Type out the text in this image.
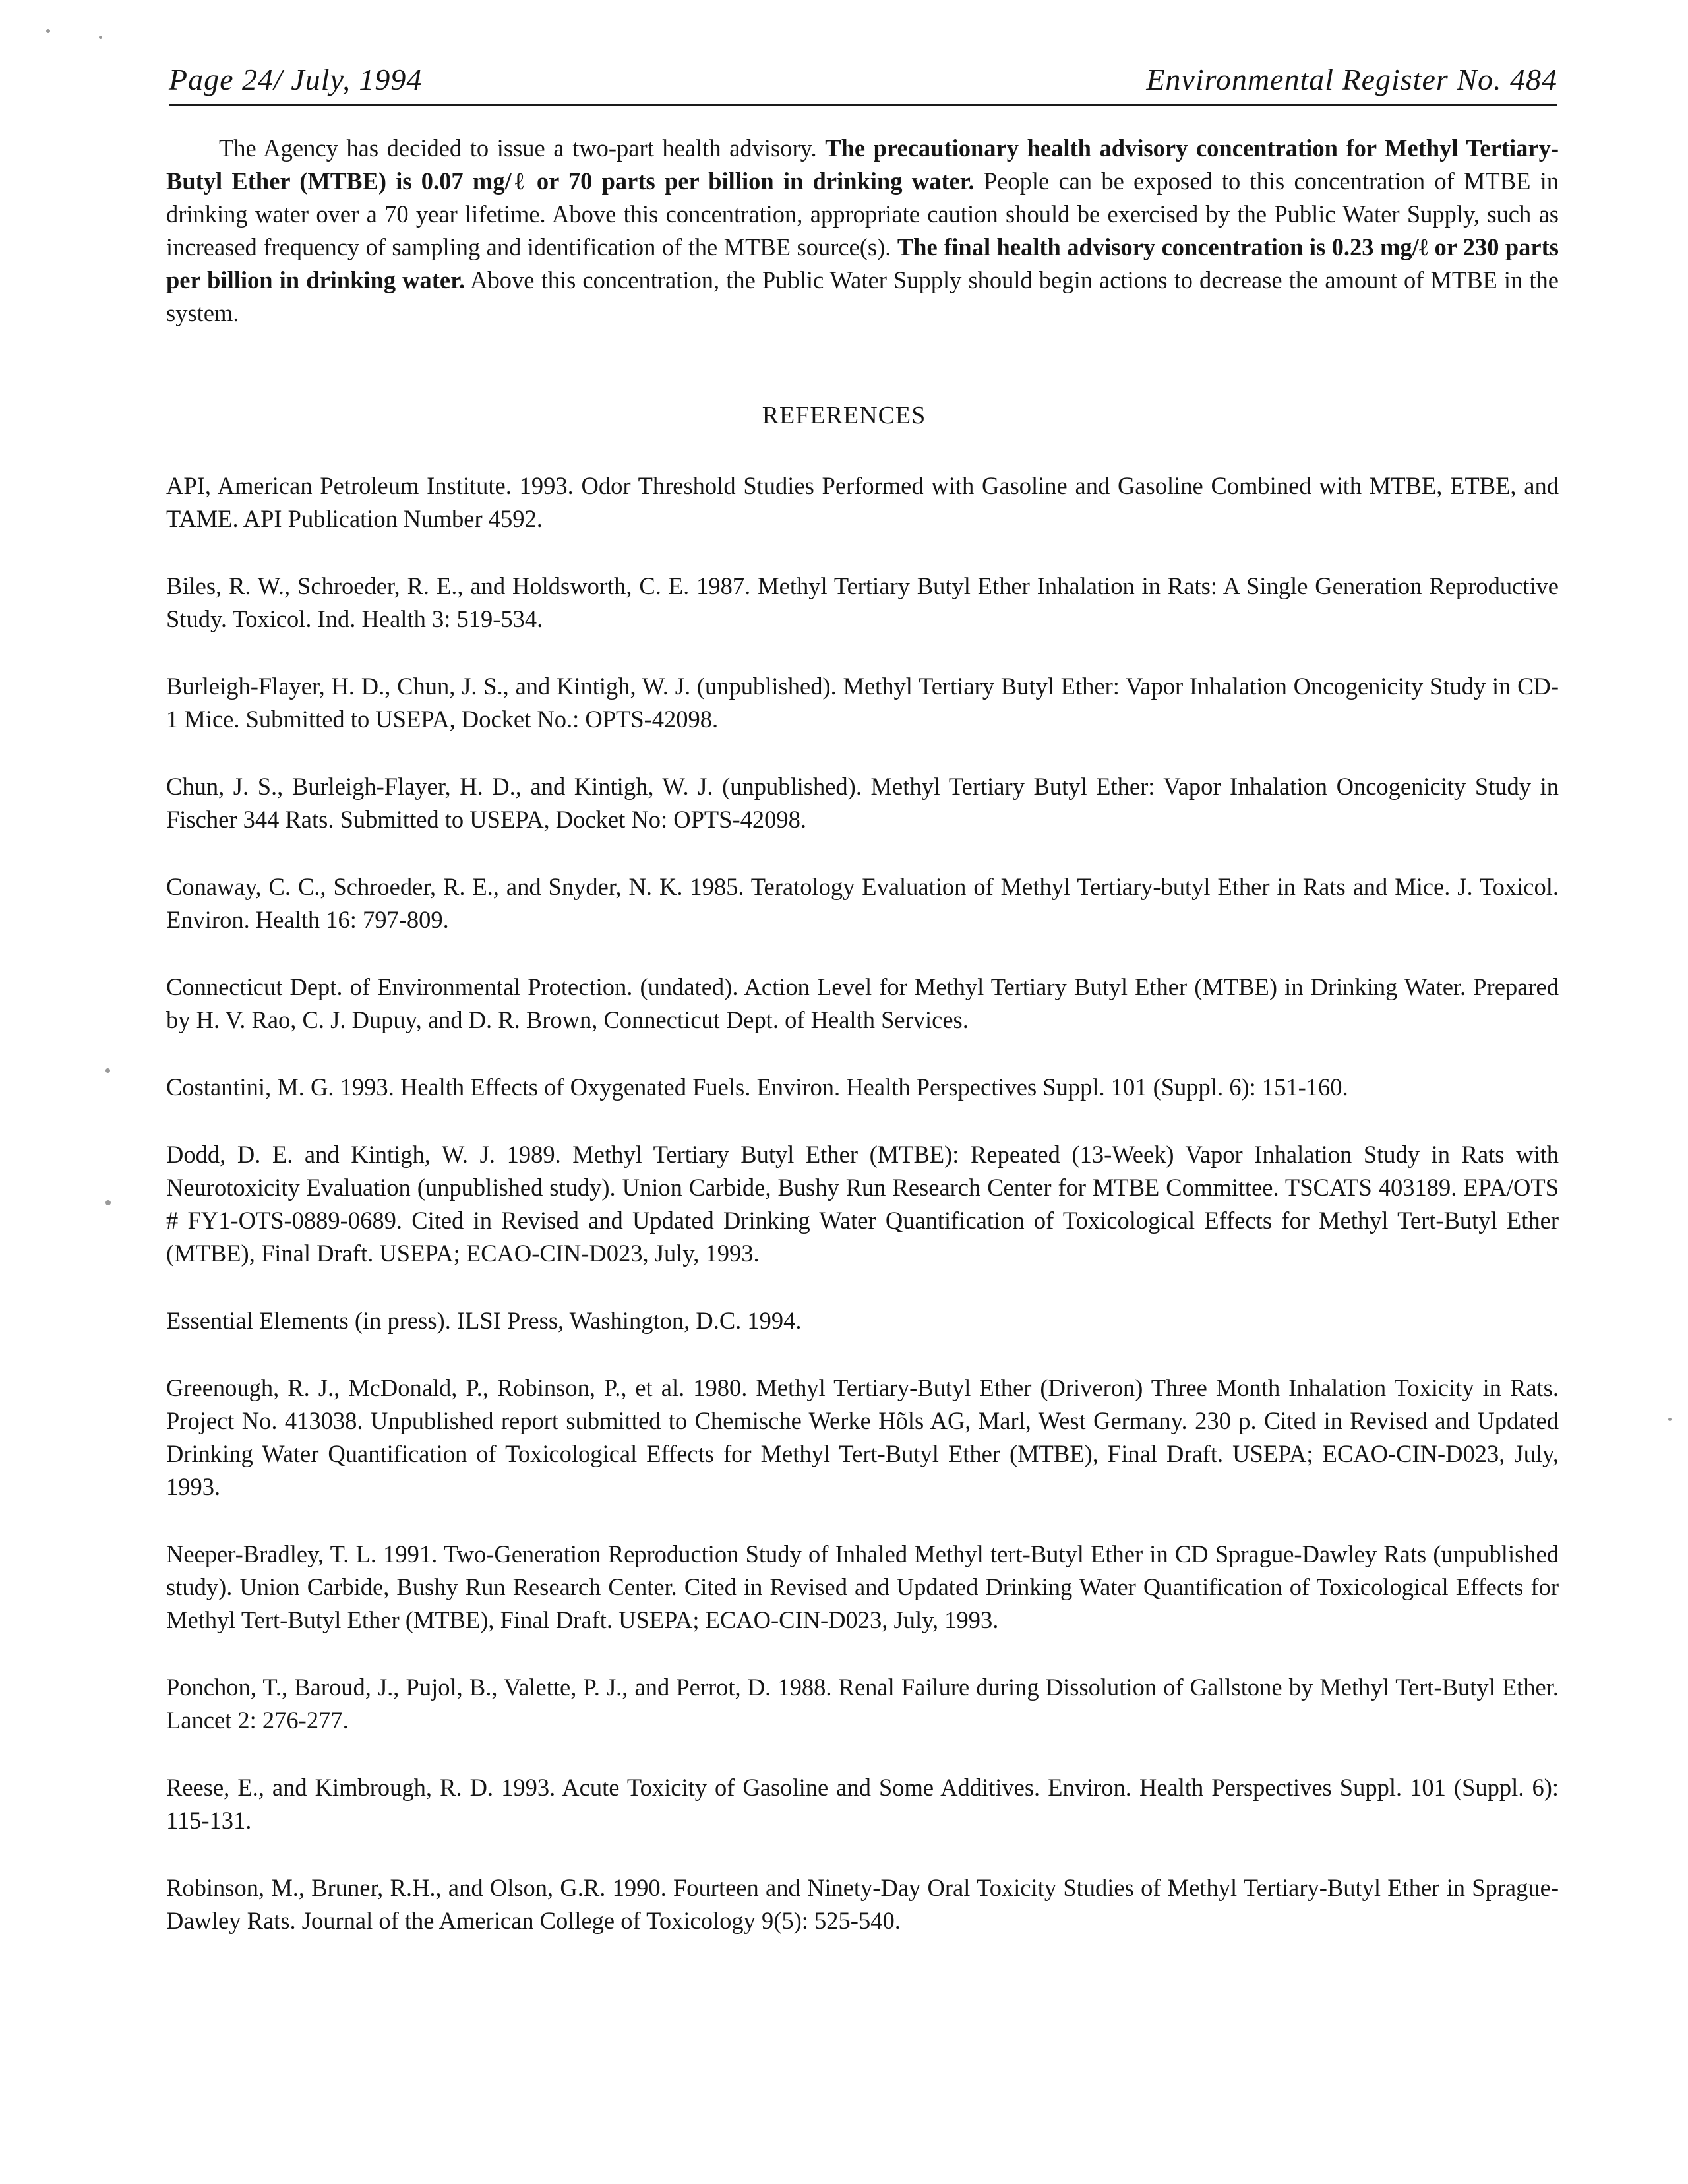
Page 24/ July, 1994	Environmental Register No. 484

The Agency has decided to issue a two-part health advisory. The precautionary health advisory concentration for Methyl Tertiary-Butyl Ether (MTBE) is 0.07 mg/ℓ or 70 parts per billion in drinking water. People can be exposed to this concentration of MTBE in drinking water over a 70 year lifetime. Above this concentration, appropriate caution should be exercised by the Public Water Supply, such as increased frequency of sampling and identification of the MTBE source(s). The final health advisory concentration is 0.23 mg/ℓ or 230 parts per billion in drinking water. Above this concentration, the Public Water Supply should begin actions to decrease the amount of MTBE in the system.

REFERENCES
API, American Petroleum Institute. 1993. Odor Threshold Studies Performed with Gasoline and Gasoline Combined with MTBE, ETBE, and TAME. API Publication Number 4592.
Biles, R. W., Schroeder, R. E., and Holdsworth, C. E. 1987. Methyl Tertiary Butyl Ether Inhalation in Rats: A Single Generation Reproductive Study. Toxicol. Ind. Health 3: 519-534.
Burleigh-Flayer, H. D., Chun, J. S., and Kintigh, W. J. (unpublished). Methyl Tertiary Butyl Ether: Vapor Inhalation Oncogenicity Study in CD-1 Mice. Submitted to USEPA, Docket No.: OPTS-42098.
Chun, J. S., Burleigh-Flayer, H. D., and Kintigh, W. J. (unpublished). Methyl Tertiary Butyl Ether: Vapor Inhalation Oncogenicity Study in Fischer 344 Rats. Submitted to USEPA, Docket No: OPTS-42098.
Conaway, C. C., Schroeder, R. E., and Snyder, N. K. 1985. Teratology Evaluation of Methyl Tertiary-butyl Ether in Rats and Mice. J. Toxicol. Environ. Health 16: 797-809.
Connecticut Dept. of Environmental Protection. (undated). Action Level for Methyl Tertiary Butyl Ether (MTBE) in Drinking Water. Prepared by H. V. Rao, C. J. Dupuy, and D. R. Brown, Connecticut Dept. of Health Services.
Costantini, M. G. 1993. Health Effects of Oxygenated Fuels. Environ. Health Perspectives Suppl. 101 (Suppl. 6): 151-160.
Dodd, D. E. and Kintigh, W. J. 1989. Methyl Tertiary Butyl Ether (MTBE): Repeated (13-Week) Vapor Inhalation Study in Rats with Neurotoxicity Evaluation (unpublished study). Union Carbide, Bushy Run Research Center for MTBE Committee. TSCATS 403189. EPA/OTS # FY1-OTS-0889-0689. Cited in Revised and Updated Drinking Water Quantification of Toxicological Effects for Methyl Tert-Butyl Ether (MTBE), Final Draft. USEPA; ECAO-CIN-D023, July, 1993.
Essential Elements (in press). ILSI Press, Washington, D.C. 1994.
Greenough, R. J., McDonald, P., Robinson, P., et al. 1980. Methyl Tertiary-Butyl Ether (Driveron) Three Month Inhalation Toxicity in Rats. Project No. 413038. Unpublished report submitted to Chemische Werke Hõls AG, Marl, West Germany. 230 p. Cited in Revised and Updated Drinking Water Quantification of Toxicological Effects for Methyl Tert-Butyl Ether (MTBE), Final Draft. USEPA; ECAO-CIN-D023, July, 1993.
Neeper-Bradley, T. L. 1991. Two-Generation Reproduction Study of Inhaled Methyl tert-Butyl Ether in CD Sprague-Dawley Rats (unpublished study). Union Carbide, Bushy Run Research Center. Cited in Revised and Updated Drinking Water Quantification of Toxicological Effects for Methyl Tert-Butyl Ether (MTBE), Final Draft. USEPA; ECAO-CIN-D023, July, 1993.
Ponchon, T., Baroud, J., Pujol, B., Valette, P. J., and Perrot, D. 1988. Renal Failure during Dissolution of Gallstone by Methyl Tert-Butyl Ether. Lancet 2: 276-277.
Reese, E., and Kimbrough, R. D. 1993. Acute Toxicity of Gasoline and Some Additives. Environ. Health Perspectives Suppl. 101 (Suppl. 6): 115-131.
Robinson, M., Bruner, R.H., and Olson, G.R. 1990. Fourteen and Ninety-Day Oral Toxicity Studies of Methyl Tertiary-Butyl Ether in Sprague-Dawley Rats. Journal of the American College of Toxicology 9(5): 525-540.
